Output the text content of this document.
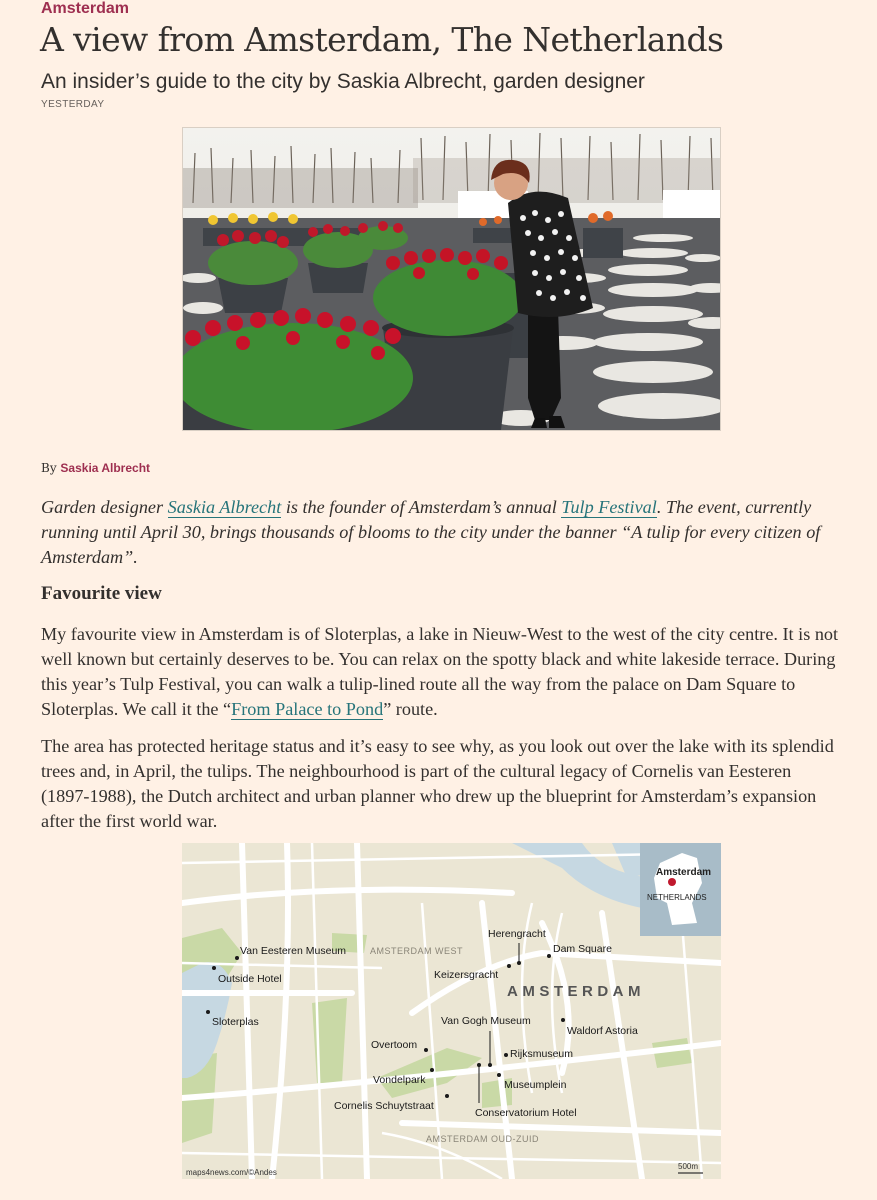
Amsterdam
A view from Amsterdam, The Netherlands
An insider’s guide to the city by Saskia Albrecht, garden designer
YESTERDAY
By Saskia Albrecht
Garden designer Saskia Albrecht is the founder of Amsterdam’s annual Tulp Festival. The event, currently running until April 30, brings thousands of blooms to the city under the banner “A tulip for every citizen of Amsterdam”.
Favourite view
My favourite view in Amsterdam is of Sloterplas, a lake in Nieuw-West to the west of the city centre. It is not well known but certainly deserves to be. You can relax on the spotty black and white lakeside terrace. During this year’s Tulp Festival, you can walk a tulip-lined route all the way from the palace on Dam Square to Sloterplas. We call it the “From Palace to Pond” route.
The area has protected heritage status and it’s easy to see why, as you look out over the lake with its splendid trees and, in April, the tulips. The neighbourhood is part of the cultural legacy of Cornelis van Eesteren (1897-1988), the Dutch architect and urban planner who drew up the blueprint for Amsterdam’s expansion after the first world war.
Amsterdam
NETHERLANDS
AMSTERDAM WEST
AMSTERDAM OUD-ZUID
AMSTERDAM
Van Eesteren Museum
Outside Hotel
Sloterplas
Herengracht
Dam Square
Keizersgracht
Van Gogh Museum
Waldorf Astoria
Overtoom
Rijksmuseum
Vondelpark	Museumplein
Cornelis Schuytstraat
Conservatorium Hotel
maps4news.com/©Andes
500m
